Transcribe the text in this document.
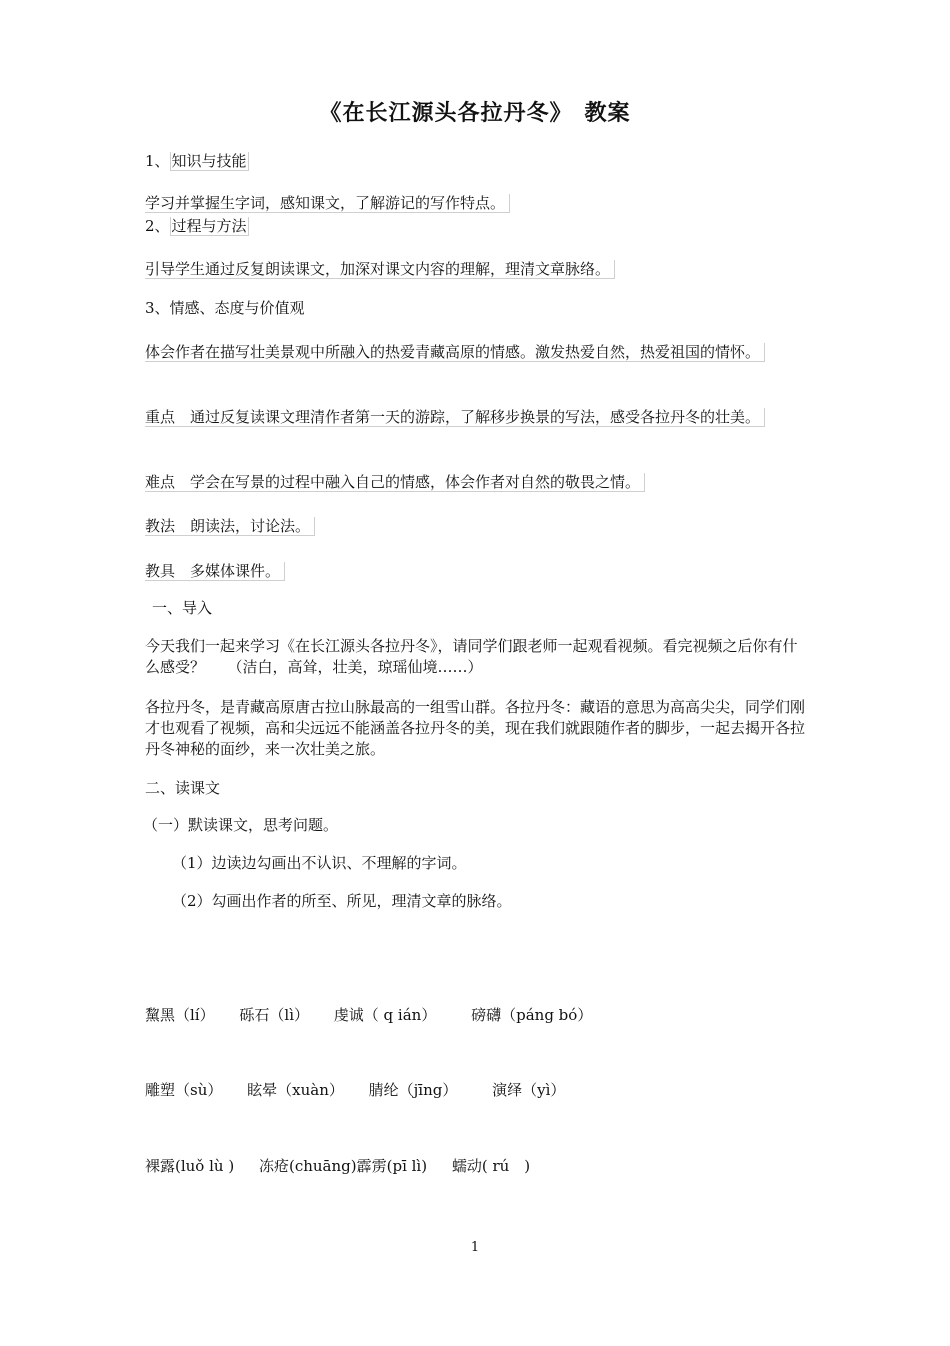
《在长江源头各拉丹冬》　教案
1、 知识与技能
学习并掌握生字词，感知课文，了解游记的写作特点。
2、 过程与方法
引导学生通过反复朗读课文，加深对课文内容的理解，理清文章脉络。
3、情感、态度与价值观
体会作者在描写壮美景观中所融入的热爱青藏高原的情感。激发热爱自然，热爱祖国的情怀。
重点　通过反复读课文理清作者第一天的游踪，了解移步换景的写法，感受各拉丹冬的壮美。
难点　学会在写景的过程中融入自己的情感，体会作者对自然的敬畏之情。
教法　朗读法，讨论法。
教具　多媒体课件。
一、导入
今天我们一起来学习《在长江源头各拉丹冬》，请同学们跟老师一起观看视频。看完视频之后你有什么感受？　　（洁白，高耸，壮美，琼瑶仙境……）
各拉丹冬，是青藏高原唐古拉山脉最高的一组雪山群。各拉丹冬：藏语的意思为高高尖尖，同学们刚才也观看了视频，高和尖远远不能涵盖各拉丹冬的美，现在我们就跟随作者的脚步，一起去揭开各拉丹冬神秘的面纱，来一次壮美之旅。
二、读课文
（一）默读课文，思考问题。
（1）边读边勾画出不认识、不理解的字词。
（2）勾画出作者的所至、所见，理清文章的脉络。
黧黑（lí） 砾石（lì） 虔诚（ q ián） 磅礴（páng bó）
雕塑（sù） 眩晕（xuàn） 腈纶（jīng） 演绎（yì）
裸露(luǒ lù ) 冻疮(chuāng)霹雳(pī lì) 蠕动( rú　)
1
